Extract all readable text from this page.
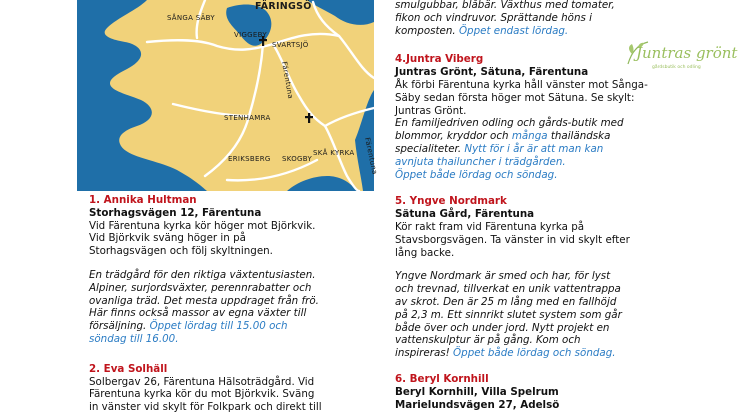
FÄRINGSÖ
SÅNGA SÄBY
VIGGEBY
SVARTSJÖ
Färentuna
STENHAMRA
SKÅ KYRKA
ERIKSBERG SKOGBY	Färentuna

1. Annika Hultman

Storhagsvägen 12, Färentuna

Vid Färentuna kyrka kör höger mot Björkvik.

Vid Björkvik sväng höger in på

Storhagsvägen och följ skyltningen.

En trädgård för den riktiga växtentusiasten.

Alpiner, surjordsväxter, perennrabatter och

ovanliga träd. Det mesta uppdraget från frö.

Här finns också massor av egna växter till

försäljning. Öppet lördag till 15.00 och

söndag till 16.00.

2. Eva Solhäll

Solbergav 26, Färentuna Hälsoträdgård. Vid

Färentuna kyrka kör du mot Björkvik. Sväng

in vänster vid skylt för Folkpark och direkt till

smulgubbar, blåbär. Växthus med tomater,

fikon och vindruvor. Sprättande höns i

komposten. Öppet endast lördag.

4.Juntra Viberg

Juntras Grönt, Sätuna, Färentuna

Åk förbi Färentuna kyrka håll vänster mot Sånga-

Säby sedan första höger mot Sätuna. Se skylt:

Juntras Grönt.

En familjedriven odling och gårds-butik med

blommor, kryddor och många thailändska

specialiteter. Nytt för i år är att man kan

avnjuta thailuncher i trädgården.

Öppet både lördag och söndag.

5. Yngve Nordmark

Sätuna Gård, Färentuna

Kör rakt fram vid Färentuna kyrka på

Stavsborgsvägen. Ta vänster in vid skylt efter

lång backe.

Yngve Nordmark är smed och har, för lyst

och trevnad, tillverkat en unik vattentrappa

av skrot. Den är 25 m lång med en fallhöjd

på 2,3 m. Ett sinnrikt slutet system som går

både över och under jord. Nytt projekt en

vattenskulptur är på gång. Kom och

inspireras! Öppet både lördag och söndag.

6. Beryl Kornhill

Beryl Kornhill, Villa Spelrum

Marielundsvägen 27, Adelsö

Juntras grönt
gårdsbutik och odling
